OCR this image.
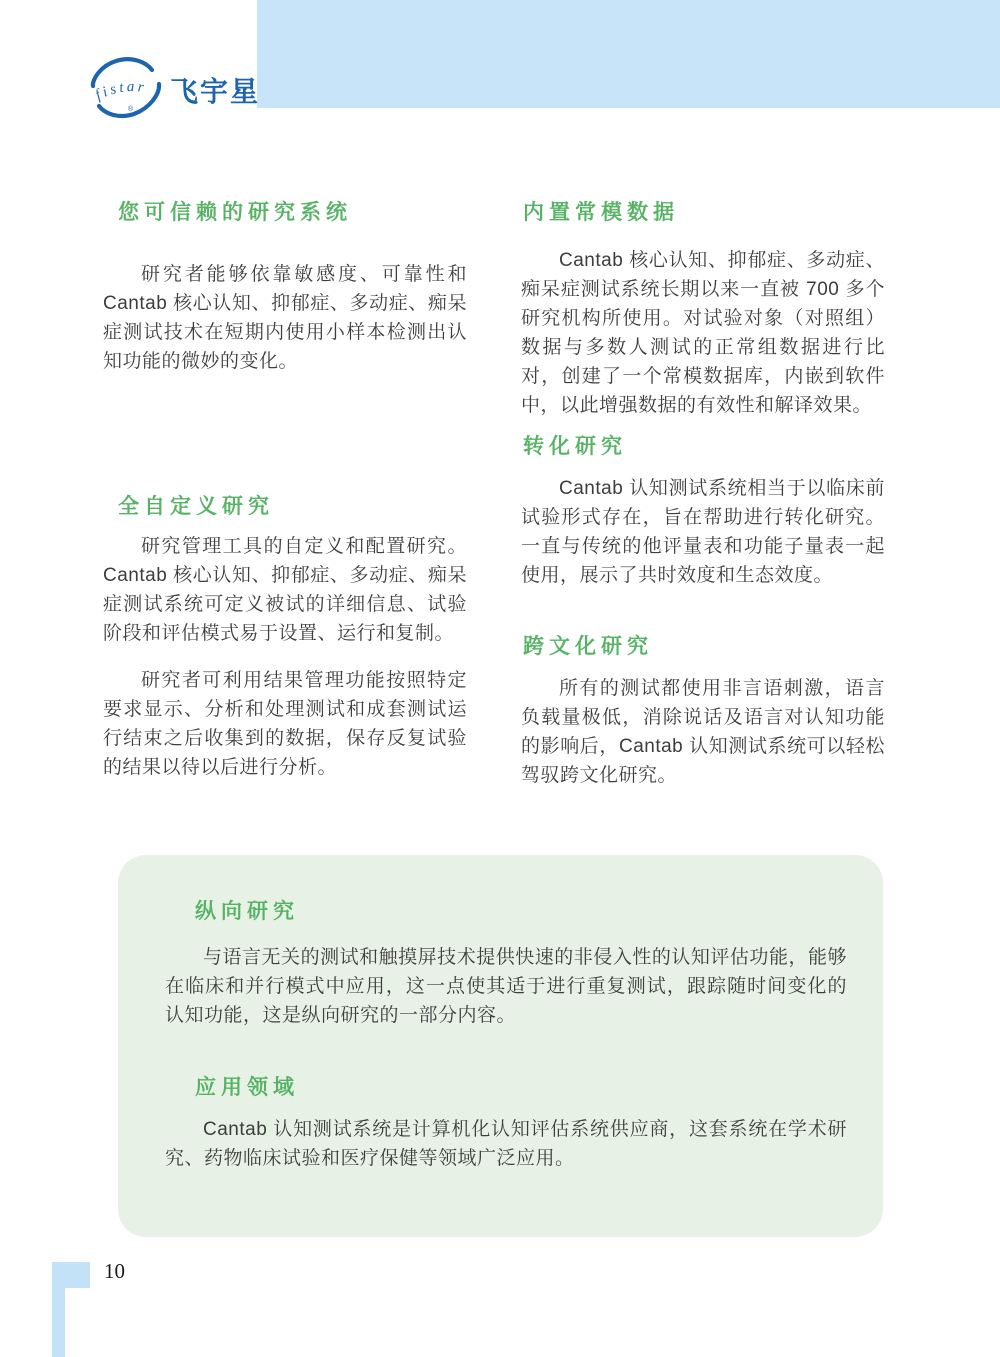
fistar
®
飞宇星
您可信赖的研究系统

研究者能够依靠敏感度、可靠性和 Cantab 核心认知、抑郁症、多动症、痴呆症测试技术在短期内使用小样本检测出认知功能的微妙的变化。

全自定义研究

研究管理工具的自定义和配置研究。Cantab 核心认知、抑郁症、多动症、痴呆症测试系统可定义被试的详细信息、试验阶段和评估模式易于设置、运行和复制。

研究者可利用结果管理功能按照特定要求显示、分析和处理测试和成套测试运行结束之后收集到的数据，保存反复试验的结果以待以后进行分析。

内置常模数据

Cantab 核心认知、抑郁症、多动症、痴呆症测试系统长期以来一直被 700 多个研究机构所使用。对试验对象（对照组）数据与多数人测试的正常组数据进行比对，创建了一个常模数据库，内嵌到软件中，以此增强数据的有效性和解译效果。

转化研究

Cantab 认知测试系统相当于以临床前试验形式存在，旨在帮助进行转化研究。一直与传统的他评量表和功能子量表一起使用，展示了共时效度和生态效度。

跨文化研究

所有的测试都使用非言语刺激，语言负载量极低，消除说话及语言对认知功能的影响后，Cantab 认知测试系统可以轻松驾驭跨文化研究。

纵向研究

与语言无关的测试和触摸屏技术提供快速的非侵入性的认知评估功能，能够在临床和并行模式中应用，这一点使其适于进行重复测试，跟踪随时间变化的认知功能，这是纵向研究的一部分内容。

应用领域

Cantab 认知测试系统是计算机化认知评估系统供应商，这套系统在学术研究、药物临床试验和医疗保健等领域广泛应用。

10
